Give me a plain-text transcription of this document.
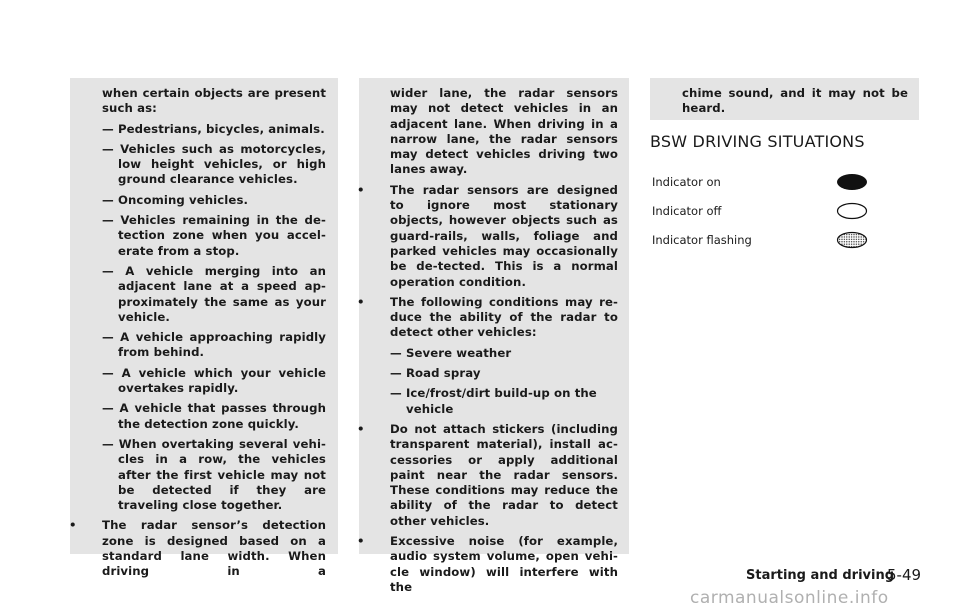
when certain objects are present such as:

— Pedestrians, bicycles, animals.

— Vehicles such as motorcycles, low height vehicles, or high ground clearance vehicles.

— Oncoming vehicles.

— Vehicles remaining in the de-tection zone when you accel-erate from a stop.

— A vehicle merging into an adjacent lane at a speed ap-proximately the same as your vehicle.

— A vehicle approaching rapidly from behind.

— A vehicle which your vehicle overtakes rapidly.

— A vehicle that passes through the detection zone quickly.

— When overtaking several vehi-cles in a row, the vehicles after the first vehicle may not be detected if they are traveling close together.

• The radar sensor’s detection zone is designed based on a standard lane width. When driving in a

wider lane, the radar sensors may not detect vehicles in an adjacent lane. When driving in a narrow lane, the radar sensors may detect vehicles driving two lanes away.

• The radar sensors are designed to ignore most stationary objects, however objects such as guard-rails, walls, foliage and parked vehicles may occasionally be de-tected. This is a normal operation condition.

• The following conditions may re-duce the ability of the radar to detect other vehicles:

— Severe weather

— Road spray

— Ice/frost/dirt build-up on the vehicle

• Do not attach stickers (including transparent material), install ac-cessories or apply additional paint near the radar sensors. These conditions may reduce the ability of the radar to detect other vehicles.

• Excessive noise (for example, audio system volume, open vehi-cle window) will interfere with the

chime sound, and it may not be heard.

BSW DRIVING SITUATIONS
Indicator on
Indicator off
Indicator flashing
Starting and driving
5-49
carmanualsonline.info
